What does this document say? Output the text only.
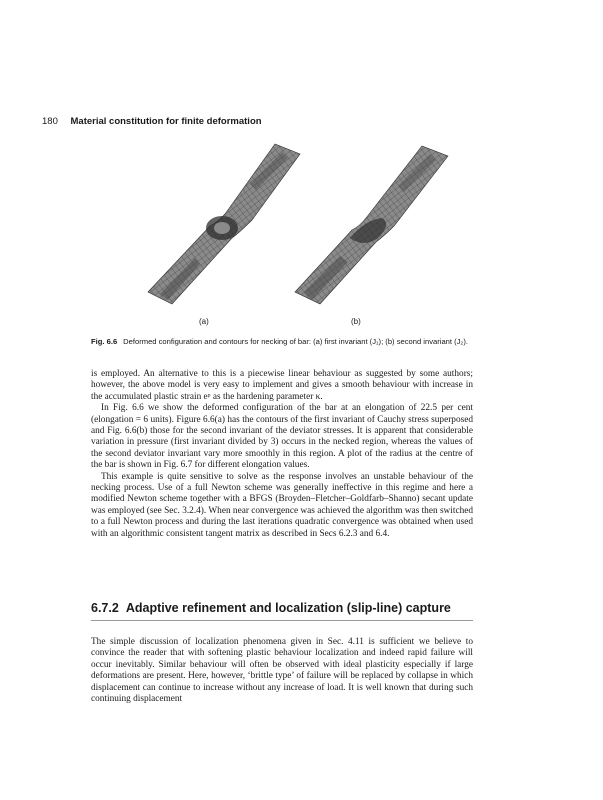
180 Material constitution for finite deformation
(a)	(b)
Fig. 6.6 Deformed configuration and contours for necking of bar: (a) first invariant (J₁); (b) second invariant (J₂).

is employed. An alternative to this is a piecewise linear behaviour as suggested by some authors; however, the above model is very easy to implement and gives a smooth behaviour with increase in the accumulated plastic strain eᵖ as the hardening parameter κ.

In Fig. 6.6 we show the deformed configuration of the bar at an elongation of 22.5 per cent (elongation = 6 units). Figure 6.6(a) has the contours of the first invariant of Cauchy stress superposed and Fig. 6.6(b) those for the second invariant of the deviator stresses. It is apparent that considerable variation in pressure (first invariant divided by 3) occurs in the necked region, whereas the values of the second deviator invariant vary more smoothly in this region. A plot of the radius at the centre of the bar is shown in Fig. 6.7 for different elongation values.

This example is quite sensitive to solve as the response involves an unstable behaviour of the necking process. Use of a full Newton scheme was generally ineffective in this regime and here a modified Newton scheme together with a BFGS (Broyden–Fletcher–Goldfarb–Shanno) secant update was employed (see Sec. 3.2.4). When near convergence was achieved the algorithm was then switched to a full Newton process and during the last iterations quadratic convergence was obtained when used with an algorithmic consistent tangent matrix as described in Secs 6.2.3 and 6.4.

6.7.2 Adaptive refinement and localization (slip-line) capture

The simple discussion of localization phenomena given in Sec. 4.11 is sufficient we believe to convince the reader that with softening plastic behaviour localization and indeed rapid failure will occur inevitably. Similar behaviour will often be observed with ideal plasticity especially if large deformations are present. Here, however, ‘brittle type’ of failure will be replaced by collapse in which displacement can continue to increase without any increase of load. It is well known that during such continuing displacement
